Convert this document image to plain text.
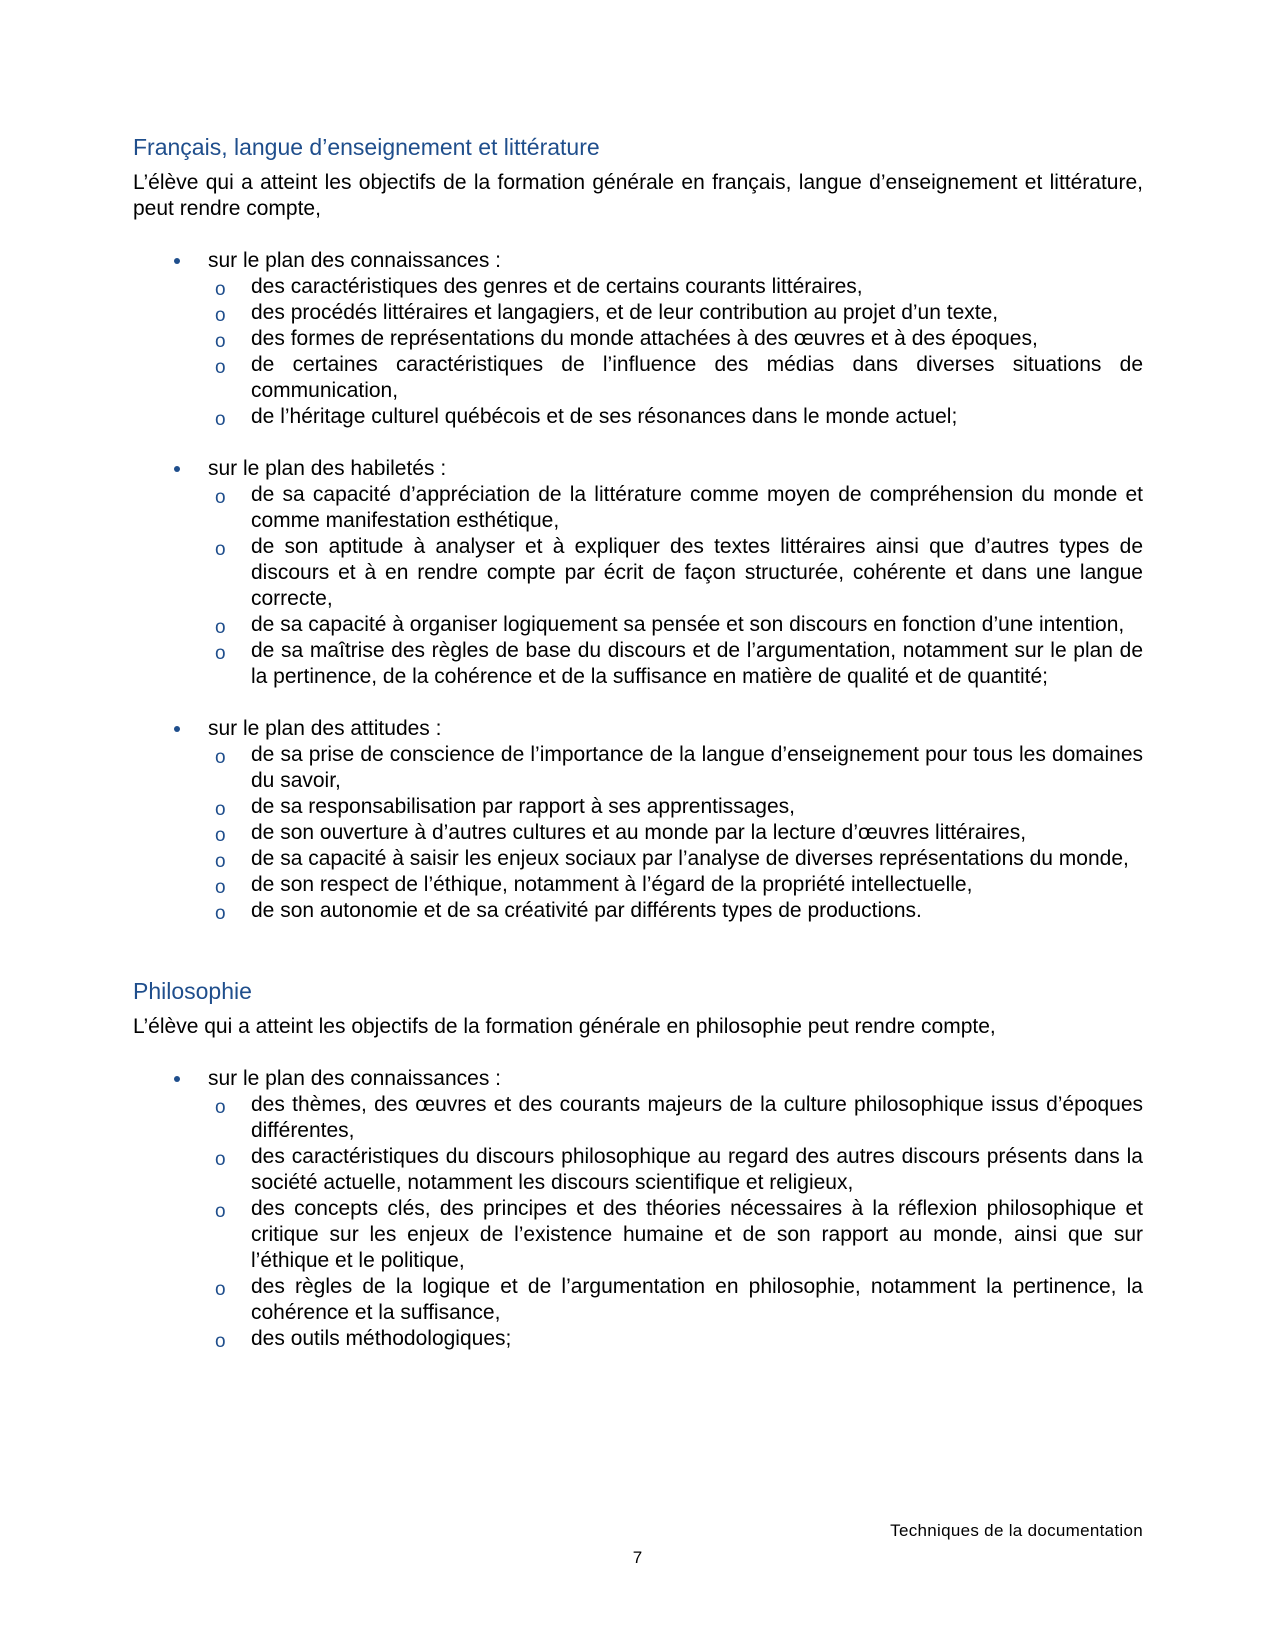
Français, langue d’enseignement et littérature

L’élève qui a atteint les objectifs de la formation générale en français, langue d’enseignement et littérature, peut rendre compte,

sur le plan des connaissances :
o des caractéristiques des genres et de certains courants littéraires,
o des procédés littéraires et langagiers, et de leur contribution au projet d’un texte,
o des formes de représentations du monde attachées à des œuvres et à des époques,
o de certaines caractéristiques de l’influence des médias dans diverses situations de communication,
o de l’héritage culturel québécois et de ses résonances dans le monde actuel;
sur le plan des habiletés :
o de sa capacité d’appréciation de la littérature comme moyen de compréhension du monde et comme manifestation esthétique,
o de son aptitude à analyser et à expliquer des textes littéraires ainsi que d’autres types de discours et à en rendre compte par écrit de façon structurée, cohérente et dans une langue correcte,
o de sa capacité à organiser logiquement sa pensée et son discours en fonction d’une intention,
o de sa maîtrise des règles de base du discours et de l’argumentation, notamment sur le plan de la pertinence, de la cohérence et de la suffisance en matière de qualité et de quantité;
sur le plan des attitudes :
o de sa prise de conscience de l’importance de la langue d’enseignement pour tous les domaines du savoir,
o de sa responsabilisation par rapport à ses apprentissages,
o de son ouverture à d’autres cultures et au monde par la lecture d’œuvres littéraires,
o de sa capacité à saisir les enjeux sociaux par l’analyse de diverses représentations du monde,
o de son respect de l’éthique, notamment à l’égard de la propriété intellectuelle,
o de son autonomie et de sa créativité par différents types de productions.
Philosophie

L’élève qui a atteint les objectifs de la formation générale en philosophie peut rendre compte,

sur le plan des connaissances :
o des thèmes, des œuvres et des courants majeurs de la culture philosophique issus d’époques différentes,
o des caractéristiques du discours philosophique au regard des autres discours présents dans la société actuelle, notamment les discours scientifique et religieux,
o des concepts clés, des principes et des théories nécessaires à la réflexion philosophique et critique sur les enjeux de l’existence humaine et de son rapport au monde, ainsi que sur l’éthique et le politique,
o des règles de la logique et de l’argumentation en philosophie, notamment la pertinence, la cohérence et la suffisance,
o des outils méthodologiques;
Techniques de la documentation
7
